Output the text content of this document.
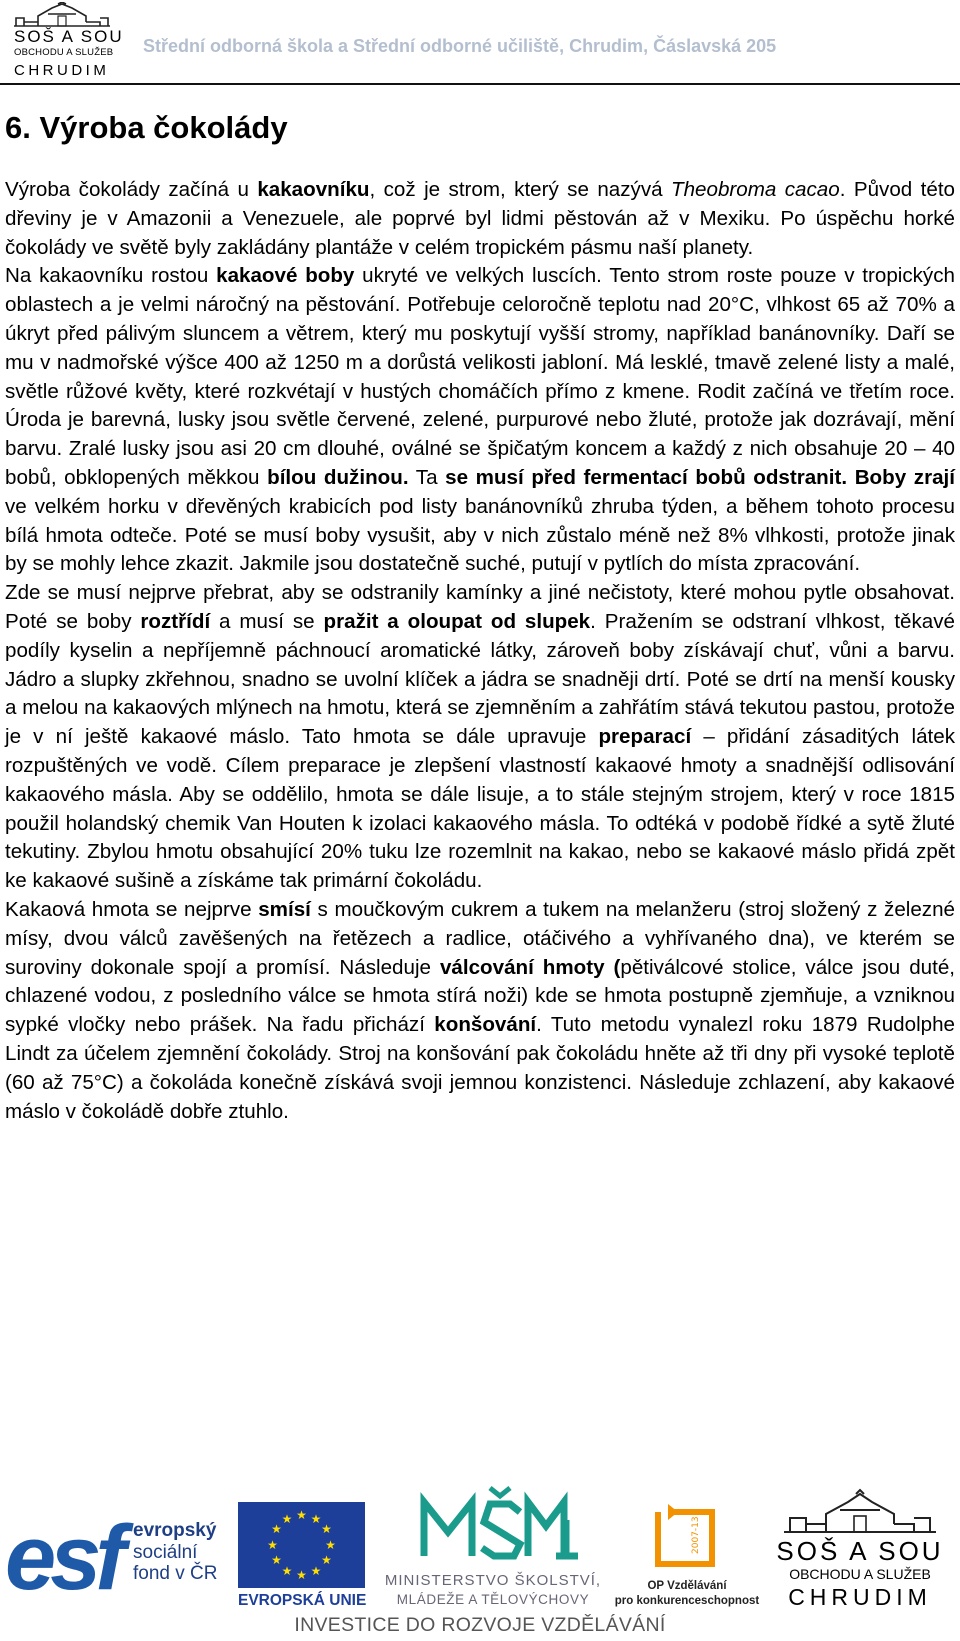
SOŠ A SOU
OBCHODU A SLUŽEB
CHRUDIM
Střední odborná škola a Střední odborné učiliště, Chrudim, Čáslavská 205
6. Výroba čokolády

Výroba čokolády začíná u kakaovníku, což je strom, který se nazývá Theobroma cacao. Původ této dřeviny je v Amazonii a Venezuele, ale poprvé byl lidmi pěstován až v Mexiku. Po úspěchu horké čokolády ve světě byly zakládány plantáže v celém tropickém pásmu naší planety.

Na kakaovníku rostou kakaové boby ukryté ve velkých luscích. Tento strom roste pouze v tropických oblastech a je velmi náročný na pěstování. Potřebuje celoročně teplotu nad 20°C, vlhkost 65 až 70% a úkryt před pálivým sluncem a větrem, který mu poskytují vyšší stromy, například banánovníky. Daří se mu v nadmořské výšce 400 až 1250 m a dorůstá velikosti jabloní. Má lesklé, tmavě zelené listy a malé, světle růžové květy, které rozkvétají v hustých chomáčích přímo z kmene. Rodit začíná ve třetím roce. Úroda je barevná, lusky jsou světle červené, zelené, purpurové nebo žluté, protože jak dozrávají, mění barvu. Zralé lusky jsou asi 20 cm dlouhé, oválné se špičatým koncem a každý z nich obsahuje 20 – 40 bobů, obklopených měkkou bílou dužinou. Ta se musí před fermentací bobů odstranit. Boby zrají ve velkém horku v dřevěných krabicích pod listy banánovníků zhruba týden, a během tohoto procesu bílá hmota odteče. Poté se musí boby vysušit, aby v nich zůstalo méně než 8% vlhkosti, protože jinak by se mohly lehce zkazit. Jakmile jsou dostatečně suché, putují v pytlích do místa zpracování.

Zde se musí nejprve přebrat, aby se odstranily kamínky a jiné nečistoty, které mohou pytle obsahovat. Poté se boby roztřídí a musí se pražit a oloupat od slupek. Pražením se odstraní vlhkost, těkavé podíly kyselin a nepříjemně páchnoucí aromatické látky, zároveň boby získávají chuť, vůni a barvu. Jádro a slupky zkřehnou, snadno se uvolní klíček a jádra se snadněji drtí. Poté se drtí na menší kousky a melou na kakaových mlýnech na hmotu, která se zjemněním a zahřátím stává tekutou pastou, protože je v ní ještě kakaové máslo. Tato hmota se dále upravuje preparací – přidání zásaditých látek rozpuštěných ve vodě. Cílem preparace je zlepšení vlastností kakaové hmoty a snadnější odlisování kakaového másla. Aby se oddělilo, hmota se dále lisuje, a to stále stejným strojem, který v roce 1815 použil holandský chemik Van Houten k izolaci kakaového másla. To odtéká v podobě řídké a sytě žluté tekutiny. Zbylou hmotu obsahující 20% tuku lze rozemlnit na kakao, nebo se kakaové máslo přidá zpět ke kakaové sušině a získáme tak primární čokoládu.

Kakaová hmota se nejprve smísí s moučkovým cukrem a tukem na melanžeru (stroj složený z železné mísy, dvou válců zavěšených na řetězech a radlice, otáčivého a vyhřívaného dna), ve kterém se suroviny dokonale spojí a promísí. Následuje válcování hmoty (pětiválcové stolice, válce jsou duté, chlazené vodou, z posledního válce se hmota stírá noži) kde se hmota postupně zjemňuje, a vzniknou sypké vločky nebo prášek. Na řadu přichází konšování. Tuto metodu vynalezl roku 1879 Rudolphe Lindt za účelem zjemnění čokolády. Stroj na konšování pak čokoládu hněte až tři dny při vysoké teplotě (60 až 75°C) a čokoláda konečně získává svoji jemnou konzistenci. Následuje zchlazení, aby kakaové máslo v čokoládě dobře ztuhlo.

esf evropský
sociální
fond v ČR
★ ★
★
★
★
★
★
★
★
★
★
★
EVROPSKÁ UNIE
MINISTERSTVO ŠKOLSTVÍ,
MLÁDEŽE A TĚLOVÝCHOVY
2007-13
OP Vzdělávání
pro konkurenceschopnost
SOŠ A SOU
OBCHODU A SLUŽEB
CHRUDIM
INVESTICE DO ROZVOJE VZDĚLÁVÁNÍ
